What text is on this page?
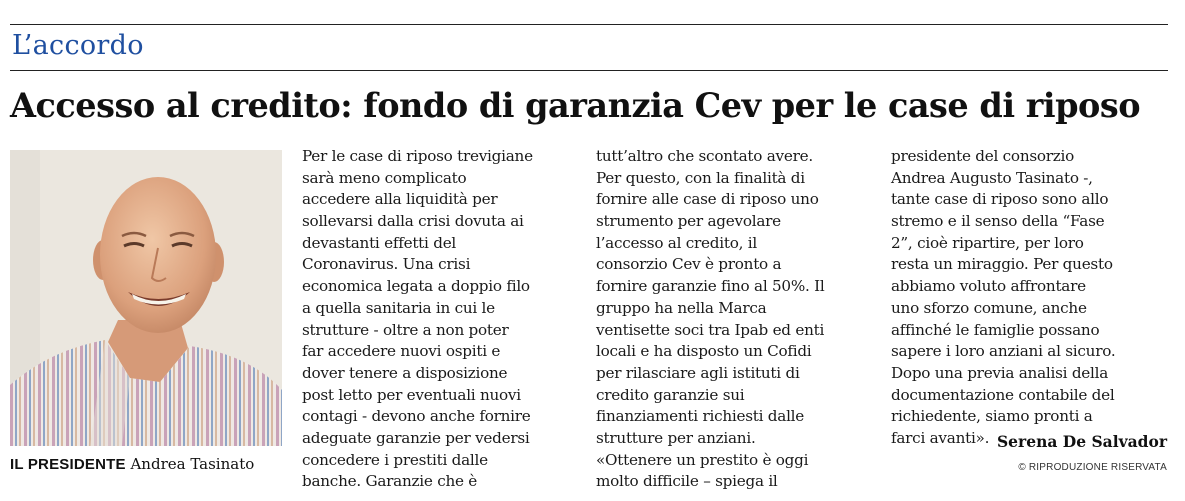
L’accordo
Accesso al credito: fondo di garanzia Cev per le case di riposo
IL PRESIDENTE Andrea Tasinato
Per le case di riposo trevigiane
sarà meno complicato
accedere alla liquidità per
sollevarsi dalla crisi dovuta ai
devastanti effetti del
Coronavirus. Una crisi
economica legata a doppio filo
a quella sanitaria in cui le
strutture - oltre a non poter
far accedere nuovi ospiti e
dover tenere a disposizione
post letto per eventuali nuovi
contagi - devono anche fornire
adeguate garanzie per vedersi
concedere i prestiti dalle
banche. Garanzie che è
tutt’altro che scontato avere.
Per questo, con la finalità di
fornire alle case di riposo uno
strumento per agevolare
l’accesso al credito, il
consorzio Cev è pronto a
fornire garanzie fino al 50%. Il
gruppo ha nella Marca
ventisette soci tra Ipab ed enti
locali e ha disposto un Cofidi
per rilasciare agli istituti di
credito garanzie sui
finanziamenti richiesti dalle
strutture per anziani.
«Ottenere un prestito è oggi
molto difficile – spiega il
presidente del consorzio
Andrea Augusto Tasinato -,
tante case di riposo sono allo
stremo e il senso della “Fase
2”, cioè ripartire, per loro
resta un miraggio. Per questo
abbiamo voluto affrontare
uno sforzo comune, anche
affinché le famiglie possano
sapere i loro anziani al sicuro.
Dopo una previa analisi della
documentazione contabile del
richiedente, siamo pronti a
farci avanti». Serena De Salvador
© RIPRODUZIONE RISERVATA
